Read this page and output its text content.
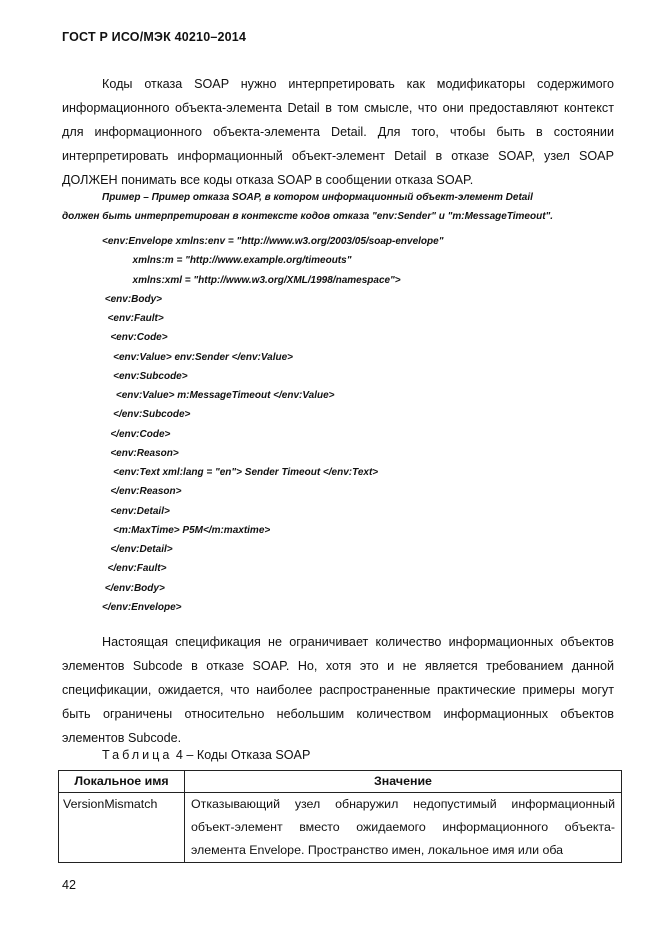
ГОСТ Р ИСО/МЭК 40210–2014

Коды отказа SOAP нужно интерпретировать как модификаторы содержимого информационного объекта-элемента Detail в том смысле, что они предоставляют контекст для информационного объекта-элемента Detail. Для того, чтобы быть в состоянии интерпретировать информационный объект-элемент Detail в отказе SOAP, узел SOAP ДОЛЖЕН понимать все коды отказа SOAP в сообщении отказа SOAP.

Пример – Пример отказа SOAP, в котором информационный объект-элемент Detail
должен быть интерпретирован в контексте кодов отказа "env:Sender" и "m:MessageTimeout".
<env:Envelope xmlns:env = "http://www.w3.org/2003/05/soap-envelope"
xmlns:m = "http://www.example.org/timeouts"
xmlns:xml = "http://www.w3.org/XML/1998/namespace">
<env:Body>
<env:Fault>
<env:Code>
<env:Value> env:Sender </env:Value>
<env:Subcode>
<env:Value> m:MessageTimeout </env:Value>
</env:Subcode>
</env:Code>
<env:Reason>
<env:Text xml:lang = "en"> Sender Timeout </env:Text>
</env:Reason>
<env:Detail>
<m:MaxTime> P5M</m:maxtime>
</env:Detail>
</env:Fault>
</env:Body>
</env:Envelope>

Настоящая спецификация не ограничивает количество информационных объектов элементов Subcode в отказе SOAP. Но, хотя это и не является требованием данной спецификации, ожидается, что наиболее распространенные практические примеры могут быть ограничены относительно небольшим количеством информационных объектов элементов Subcode.

Таблица 4 – Коды Отказа SOAP
Локальное имя	Значение
VersionMismatch	Отказывающий узел обнаружил недопустимый информационный объект-элемент вместо ожидаемого информационного объекта-элемента Envelope. Пространство имен, локальное имя или оба
42
